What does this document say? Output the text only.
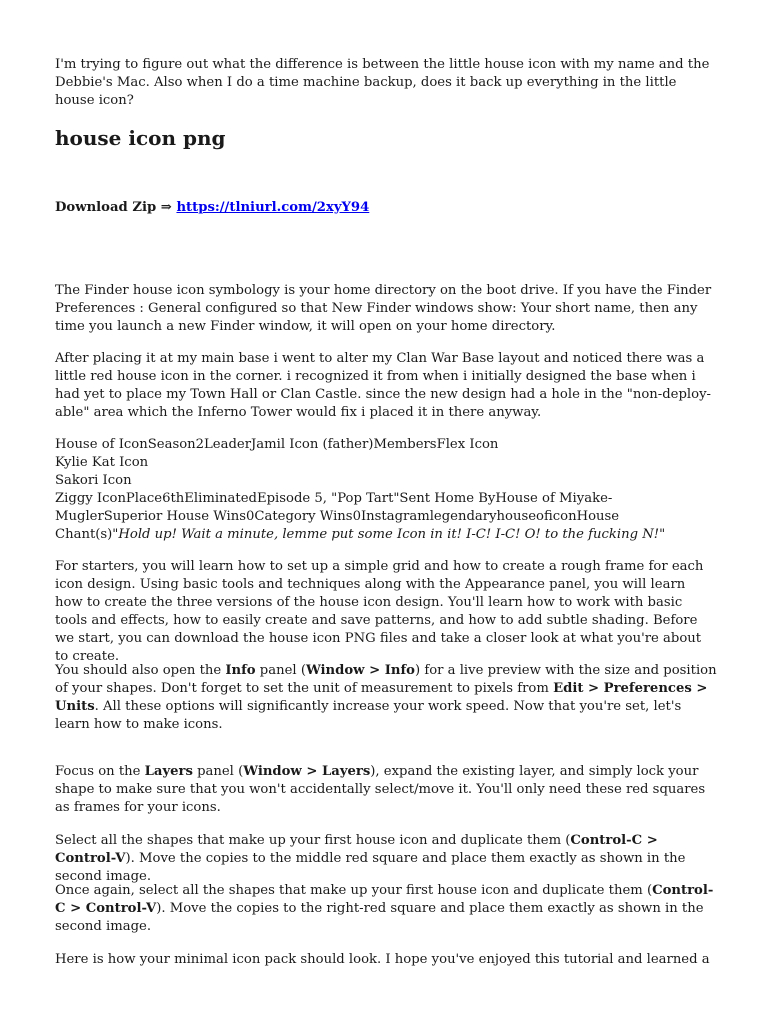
I'm trying to figure out what the difference is between the little house icon with my name and the Debbie's Mac. Also when I do a time machine backup, does it back up everything in the little house icon?

house icon png

Download Zip ⇒ https://tlniurl.com/2xyY94

The Finder house icon symbology is your home directory on the boot drive. If you have the Finder Preferences : General configured so that New Finder windows show: Your short name, then any time you launch a new Finder window, it will open on your home directory.

After placing it at my main base i went to alter my Clan War Base layout and noticed there was a little red house icon in the corner. i recognized it from when i initially designed the base when i had yet to place my Town Hall or Clan Castle. since the new design had a hole in the "non-deploy-able" area which the Inferno Tower would fix i placed it in there anyway.

House of IconSeason2LeaderJamil Icon (father)MembersFlex Icon
Kylie Kat Icon
Sakori Icon
Ziggy IconPlace6thEliminatedEpisode 5, "Pop Tart"Sent Home ByHouse of Miyake-MuglerSuperior House Wins0Category Wins0InstagramlegendaryhouseoficonHouse Chant(s)"Hold up! Wait a minute, lemme put some Icon in it! I-C! I-C! O! to the fucking N!"

For starters, you will learn how to set up a simple grid and how to create a rough frame for each icon design. Using basic tools and techniques along with the Appearance panel, you will learn how to create the three versions of the house icon design. You'll learn how to work with basic tools and effects, how to easily create and save patterns, and how to add subtle shading. Before we start, you can download the house icon PNG files and take a closer look at what you're about to create.

You should also open the Info panel (Window > Info) for a live preview with the size and position of your shapes. Don't forget to set the unit of measurement to pixels from Edit > Preferences > Units. All these options will significantly increase your work speed. Now that you're set, let's learn how to make icons.

Focus on the Layers panel (Window > Layers), expand the existing layer, and simply lock your shape to make sure that you won't accidentally select/move it. You'll only need these red squares as frames for your icons.

Select all the shapes that make up your first house icon and duplicate them (Control-C > Control-V). Move the copies to the middle red square and place them exactly as shown in the second image.

Once again, select all the shapes that make up your first house icon and duplicate them (Control-C > Control-V). Move the copies to the right-red square and place them exactly as shown in the second image.

Here is how your minimal icon pack should look. I hope you've enjoyed this tutorial and learned a
